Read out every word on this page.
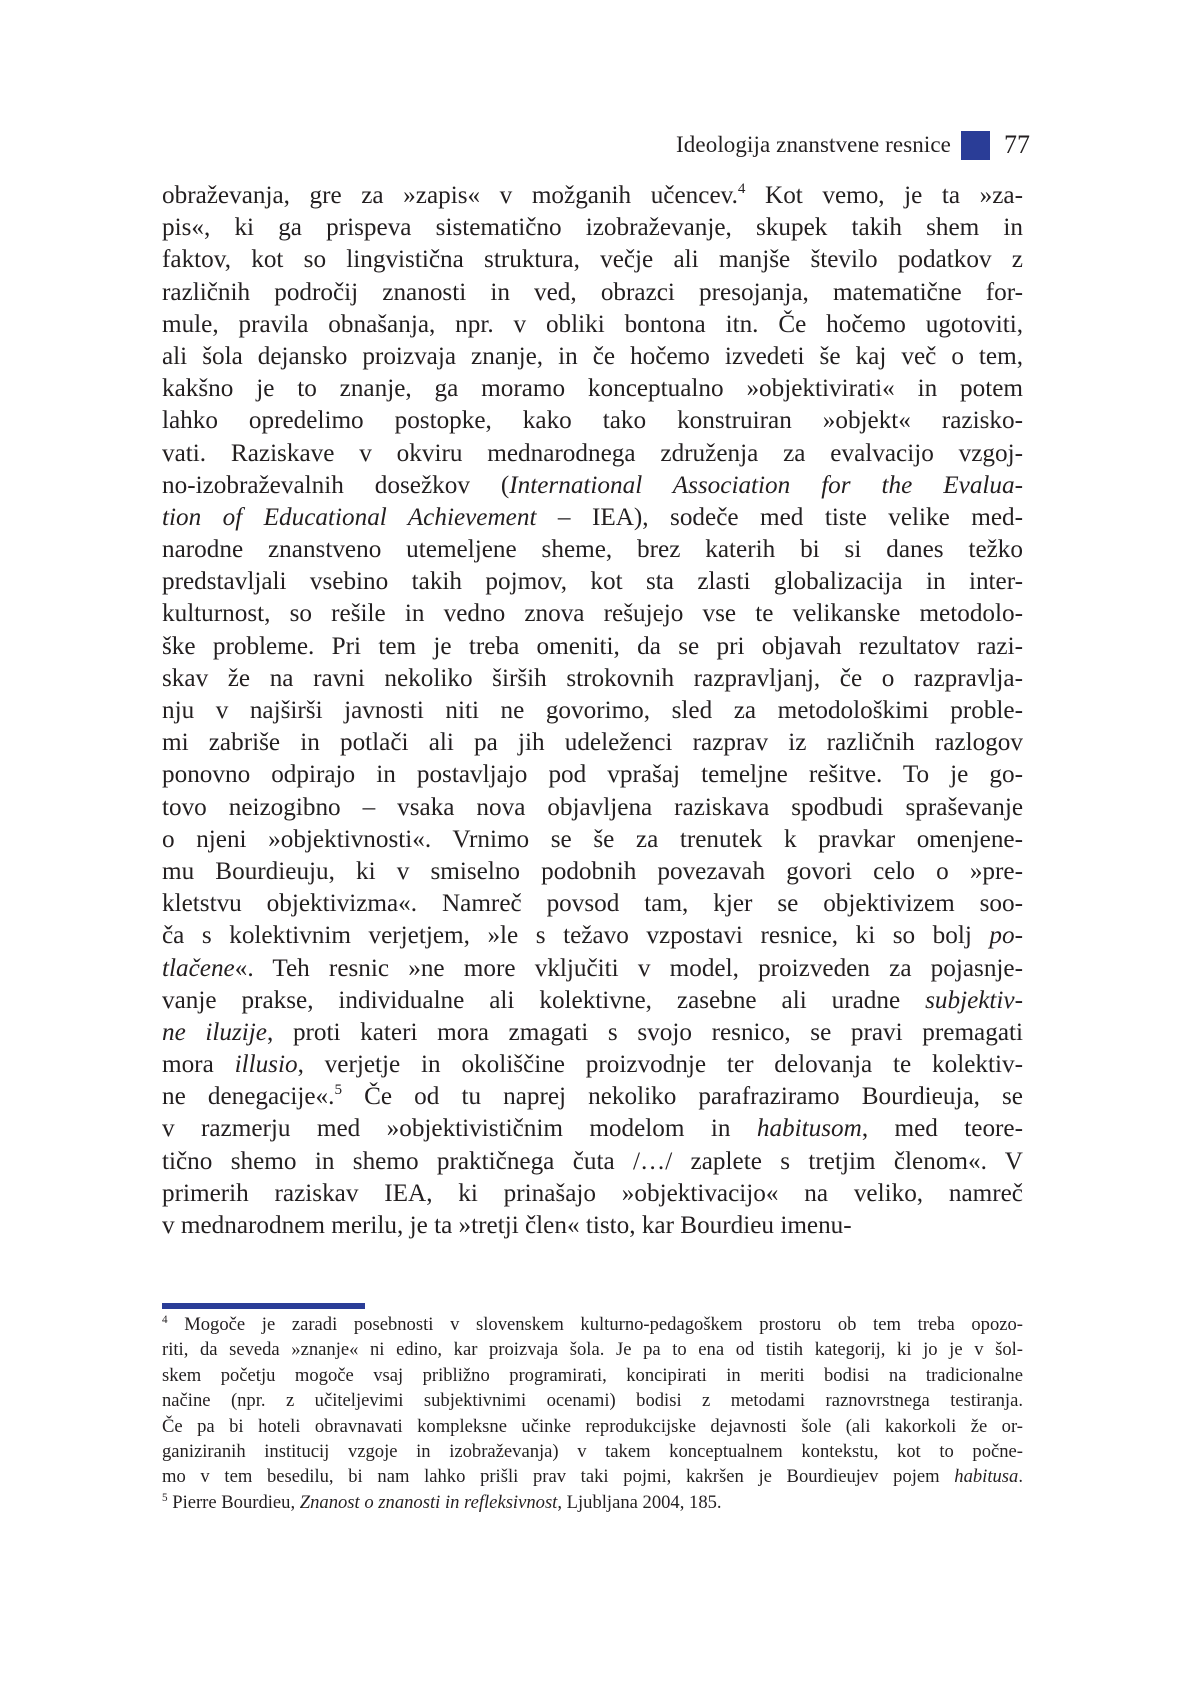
Ideologija znanstvene resnice 77
obraževanja, gre za »zapis« v možganih učencev.$^4$ Kot vemo, je ta »za-
pis«, ki ga prispeva sistematično izobraževanje, skupek takih shem in
faktov, kot so lingvistična struktura, večje ali manjše število podatkov z
različnih področij znanosti in ved, obrazci presojanja, matematične for-
mule, pravila obnašanja, npr. v obliki bontona itn. Če hočemo ugotoviti,
ali šola dejansko proizvaja znanje, in če hočemo izvedeti še kaj več o tem,
kakšno je to znanje, ga moramo konceptualno »objektivirati« in potem
lahko opredelimo postopke, kako tako konstruiran »objekt« razisko-
vati. Raziskave v okviru mednarodnega združenja za evalvacijo vzgoj-
no-izobraževalnih dosežkov (International Association for the Evalua-
tion of Educational Achievement – IEA), sodeče med tiste velike med-
narodne znanstveno utemeljene sheme, brez katerih bi si danes težko
predstavljali vsebino takih pojmov, kot sta zlasti globalizacija in inter-
kulturnost, so rešile in vedno znova rešujejo vse te velikanske metodolo-
ške probleme. Pri tem je treba omeniti, da se pri objavah rezultatov razi-
skav že na ravni nekoliko širših strokovnih razpravljanj, če o razpravlja-
nju v najširši javnosti niti ne govorimo, sled za metodološkimi proble-
mi zabriše in potlači ali pa jih udeleženci razprav iz različnih razlogov
ponovno odpirajo in postavljajo pod vprašaj temeljne rešitve. To je go-
tovo neizogibno – vsaka nova objavljena raziskava spodbudi spraševanje
o njeni »objektivnosti«. Vrnimo se še za trenutek k pravkar omenjene-
mu Bourdieuju, ki v smiselno podobnih povezavah govori celo o »pre-
kletstvu objektivizma«. Namreč povsod tam, kjer se objektivizem soo-
ča s kolektivnim verjetjem, »le s težavo vzpostavi resnice, ki so bolj po-
tlačene«. Teh resnic »ne more vključiti v model, proizveden za pojasnje-
vanje prakse, individualne ali kolektivne, zasebne ali uradne subjektiv-
ne iluzije, proti kateri mora zmagati s svojo resnico, se pravi premagati
mora illusio, verjetje in okoliščine proizvodnje ter delovanja te kolektiv-
ne denegacije«.$^5$ Če od tu naprej nekoliko parafraziramo Bourdieuja, se
v razmerju med »objektivističnim modelom in habitusom, med teore-
tično shemo in shemo praktičnega čuta /…/ zaplete s tretjim členom«. V
primerih raziskav IEA, ki prinašajo »objektivacijo« na veliko, namreč
v mednarodnem merilu, je ta »tretji člen« tisto, kar Bourdieu imenu-
$^4$ Mogoče je zaradi posebnosti v slovenskem kulturno-pedagoškem prostoru ob tem treba opozo-
riti, da seveda »znanje« ni edino, kar proizvaja šola. Je pa to ena od tistih kategorij, ki jo je v šol-
skem početju mogoče vsaj približno programirati, koncipirati in meriti bodisi na tradicionalne
načine (npr. z učiteljevimi subjektivnimi ocenami) bodisi z metodami raznovrstnega testiranja.
Če pa bi hoteli obravnavati kompleksne učinke reprodukcijske dejavnosti šole (ali kakorkoli že or-
ganiziranih institucij vzgoje in izobraževanja) v takem konceptualnem kontekstu, kot to počne-
mo v tem besedilu, bi nam lahko prišli prav taki pojmi, kakršen je Bourdieujev pojem habitusa.
$^5$ Pierre Bourdieu, Znanost o znanosti in refleksivnost, Ljubljana 2004, 185.
